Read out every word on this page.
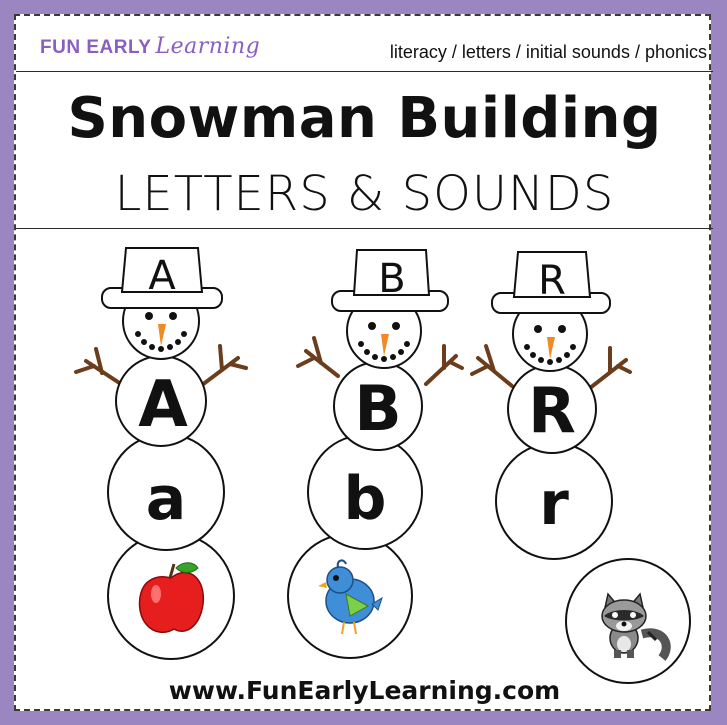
FUN EARLY Learning	literacy / letters / initial sounds / phonics
Snowman Building
LETTERS & SOUNDS
A
A
a
B
B
b
R
R
r
www.FunEarlyLearning.com
